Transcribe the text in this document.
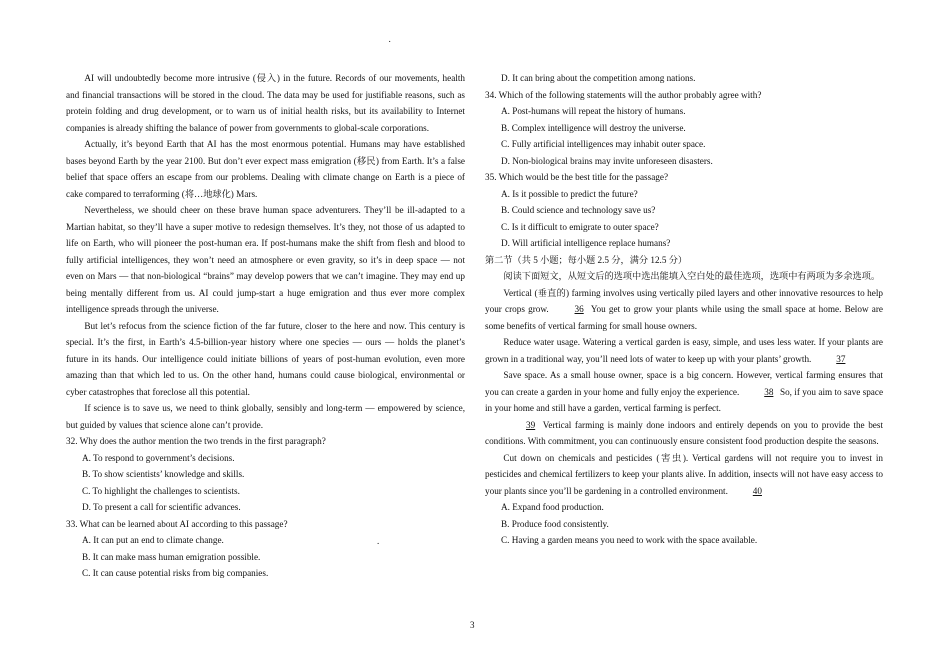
˙

AI will undoubtedly become more intrusive (侵入) in the future. Records of our movements, health and financial transactions will be stored in the cloud. The data may be used for justifiable reasons, such as protein folding and drug development, or to warn us of initial health risks, but its availability to Internet companies is already shifting the balance of power from governments to global-scale corporations.

Actually, it’s beyond Earth that AI has the most enormous potential. Humans may have established bases beyond Earth by the year 2100. But don’t ever expect mass emigration (移民) from Earth. It’s a false belief that space offers an escape from our problems. Dealing with climate change on Earth is a piece of cake compared to terraforming (将…地球化) Mars.

Nevertheless, we should cheer on these brave human space adventurers. They’ll be ill-adapted to a Martian habitat, so they’ll have a super motive to redesign themselves. It’s they, not those of us adapted to life on Earth, who will pioneer the post-human era. If post-humans make the shift from flesh and blood to fully artificial intelligences, they won’t need an atmosphere or even gravity, so it’s in deep space — not even on Mars — that non-biological “brains” may develop powers that we can’t imagine. They may end up being mentally different from us. AI could jump-start a huge emigration and thus ever more complex intelligence spreads through the universe.

But let’s refocus from the science fiction of the far future, closer to the here and now. This century is special. It’s the first, in Earth’s 4.5-billion-year history where one species — ours — holds the planet’s future in its hands. Our intelligence could initiate billions of years of post-human evolution, even more amazing than that which led to us. On the other hand, humans could cause biological, environmental or cyber catastrophes that foreclose all this potential.

If science is to save us, we need to think globally, sensibly and long-term — empowered by science, but guided by values that science alone can’t provide.

32. Why does the author mention the two trends in the first paragraph?
A. To respond to government’s decisions.
B. To show scientists’ knowledge and skills.
C. To highlight the challenges to scientists.
D. To present a call for scientific advances.
33. What can be learned about AI according to this passage?
A. It can put an end to climate change.
B. It can make mass human emigration possible.
C. It can cause potential risks from big companies.
.
D. It can bring about the competition among nations.
34. Which of the following statements will the author probably agree with?
A. Post-humans will repeat the history of humans.
B. Complex intelligence will destroy the universe.
C. Fully artificial intelligences may inhabit outer space.
D. Non-biological brains may invite unforeseen disasters.
35. Which would be the best title for the passage?
A. Is it possible to predict the future?
B. Could science and technology save us?
C. Is it difficult to emigrate to outer space?
D. Will artificial intelligence replace humans?
第二节（共 5 小题；每小题 2.5 分，满分 12.5 分）

阅读下面短文，从短文后的选项中选出能填入空白处的最佳选项，选项中有两项为多余选项。

Vertical (垂直的) farming involves using vertically piled layers and other innovative resources to help your crops grow.	36 You get to grow your plants while using the small space at home. Below are some benefits of vertical farming for small house owners.

Reduce water usage. Watering a vertical garden is easy, simple, and uses less water. If your plants are grown in a traditional way, you’ll need lots of water to keep up with your plants’ growth.	37

Save space. As a small house owner, space is a big concern. However, vertical farming ensures that you can create a garden in your home and fully enjoy the experience.	38 So, if you aim to save space in your home and still have a garden, vertical farming is perfect.

39 Vertical farming is mainly done indoors and entirely depends on you to provide the best conditions. With commitment, you can continuously ensure consistent food production despite the seasons.

Cut down on chemicals and pesticides (害虫). Vertical gardens will not require you to invest in pesticides and chemical fertilizers to keep your plants alive. In addition, insects will not have easy access to your plants since you’ll be gardening in a controlled environment.	40

A. Expand food production.
B. Produce food consistently.
C. Having a garden means you need to work with the space available.
3
